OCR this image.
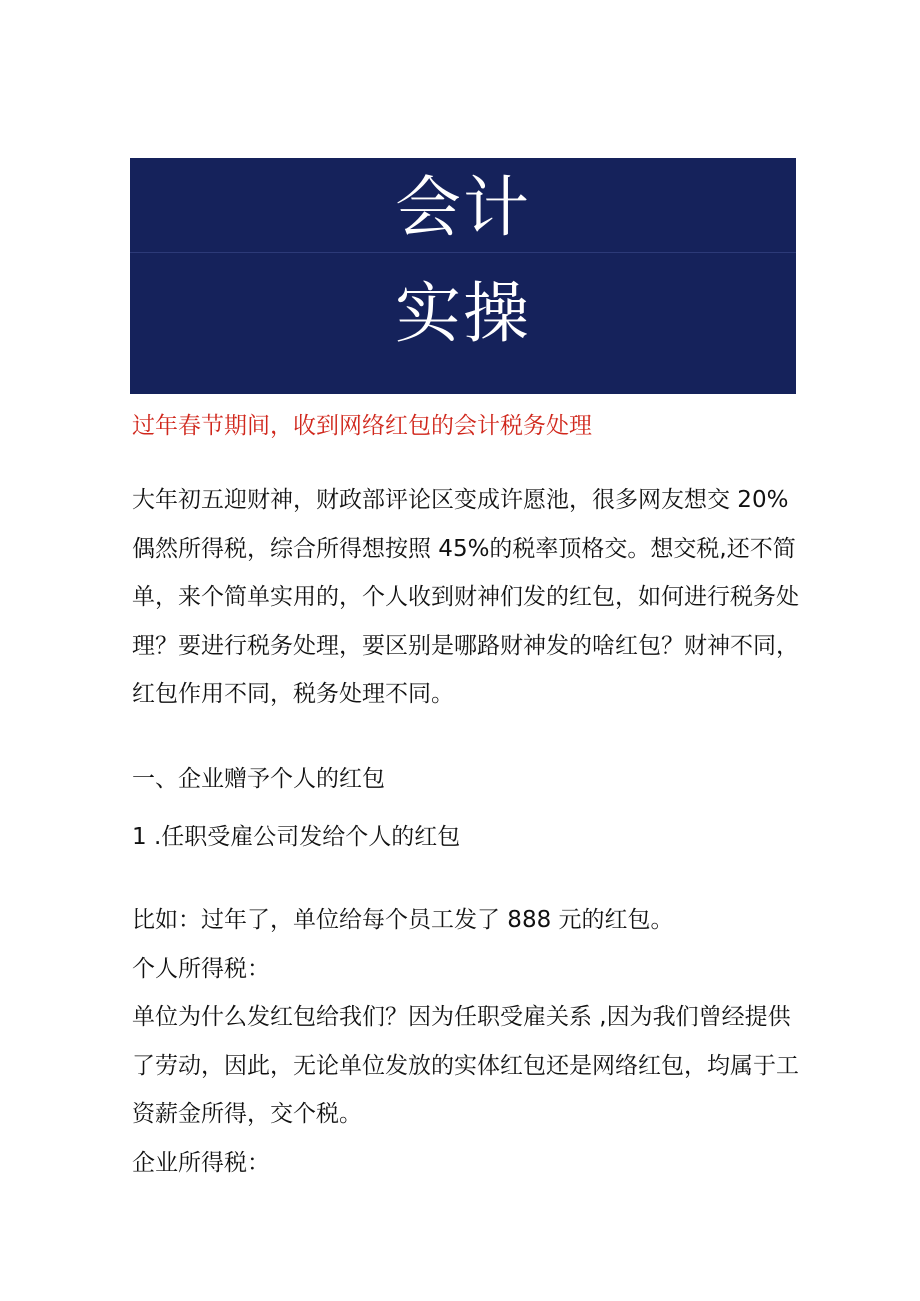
会计
实操
过年春节期间，收到网络红包的会计税务处理
大年初五迎财神，财政部评论区变成许愿池，很多网友想交 20%
偶然所得税，综合所得想按照 45%的税率顶格交。想交税,还不简
单，来个简单实用的，个人收到财神们发的红包，如何进行税务处
理？要进行税务处理，要区别是哪路财神发的啥红包？财神不同，
红包作用不同，税务处理不同。
一、企业赠予个人的红包
1 .任职受雇公司发给个人的红包
比如：过年了，单位给每个员工发了 888 元的红包。
个人所得税：
单位为什么发红包给我们？因为任职受雇关系 ,因为我们曾经提供
了劳动，因此，无论单位发放的实体红包还是网络红包，均属于工
资薪金所得，交个税。
企业所得税：
